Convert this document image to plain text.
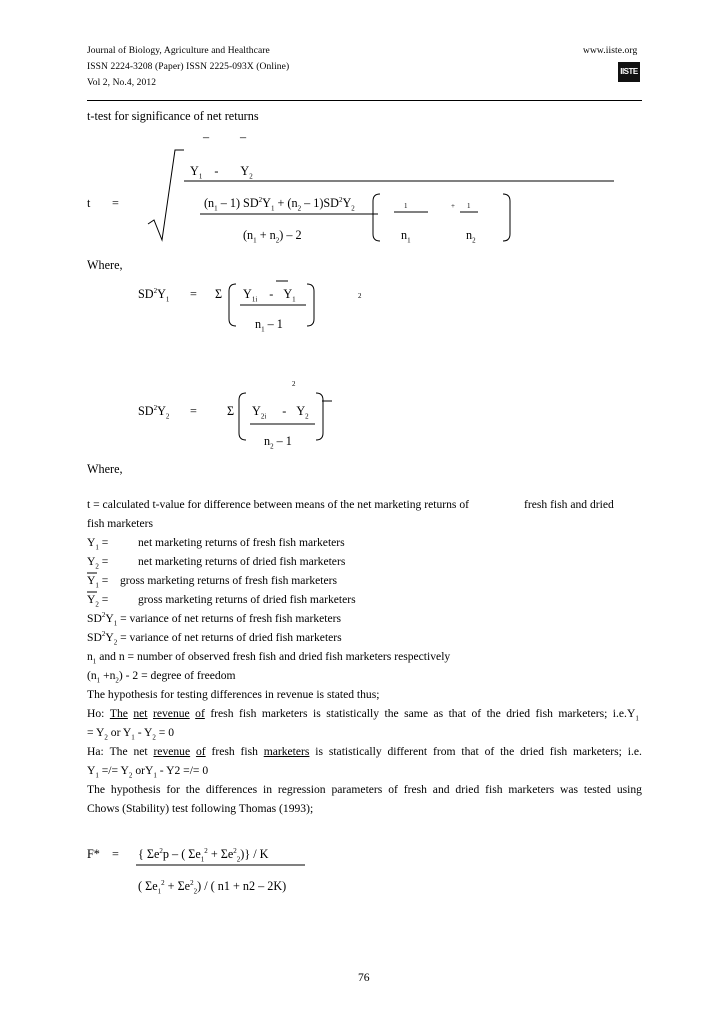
Journal of Biology, Agriculture and Healthcare
ISSN 2224-3208 (Paper) ISSN 2225-093X (Online)
Vol 2, No.4, 2012
www.iiste.org
IISTE
t-test for significance of net returns
–	–
$Y_1 - Y_2$
t =	$(n_1 - 1) SD^2Y_1 + (n_2 - 1)SD^2Y_2$
$(n_1 + n_2) - 2$
1	+ 1
$n_1$	$n_2$
Where,
$SD^2Y_1 = \Sigma$ $Y_{1i} - Y_1$	2
$n_1 - 1$
2
$SD^2Y_2 = \Sigma$ $Y_{2i} - Y_2$
$n_2 - 1$
Where,
t = calculated t-value for difference between means of the net marketing returns of	fresh fish and dried
fish marketers
$Y_1$ =	net marketing returns of fresh fish marketers
$Y_2$ =	net marketing returns of dried fish marketers
$Y_1$ = gross marketing returns of fresh fish marketers
$Y_2$ =	gross marketing returns of dried fish marketers
$SD^2Y_1$ = variance of net returns of fresh fish marketers
$SD^2Y_2$ = variance of net returns of dried fish marketers
$n_1$ and n = number of observed fresh fish and dried fish marketers respectively
$(n_1 +n_2) - 2$ = degree of freedom
The hypothesis for testing differences in revenue is stated thus;
Ho: The net revenue of fresh fish marketers is statistically the same as that of the dried fish marketers; i.e. $Y_1$
= $Y_2$ or $Y_1 - Y_2 = 0$
Ha: The net revenue of fresh fish marketers is statistically different from that of the dried fish marketers; i.e.
$Y_1$ =/= $Y_2$ orY$_1$ - Y2 =/= 0
The hypothesis for the differences in regression parameters of fresh and dried fish marketers was tested using
Chows (Stability) test following Thomas (1993);
F* = { $\Sigma e^2p$ – ( $\Sigma e_1^2 + \Sigma e^2_2)\} / K$
( $\Sigma e_1^2 + \Sigma e^2_2$) / ( n1 + n2 – 2K)
76
